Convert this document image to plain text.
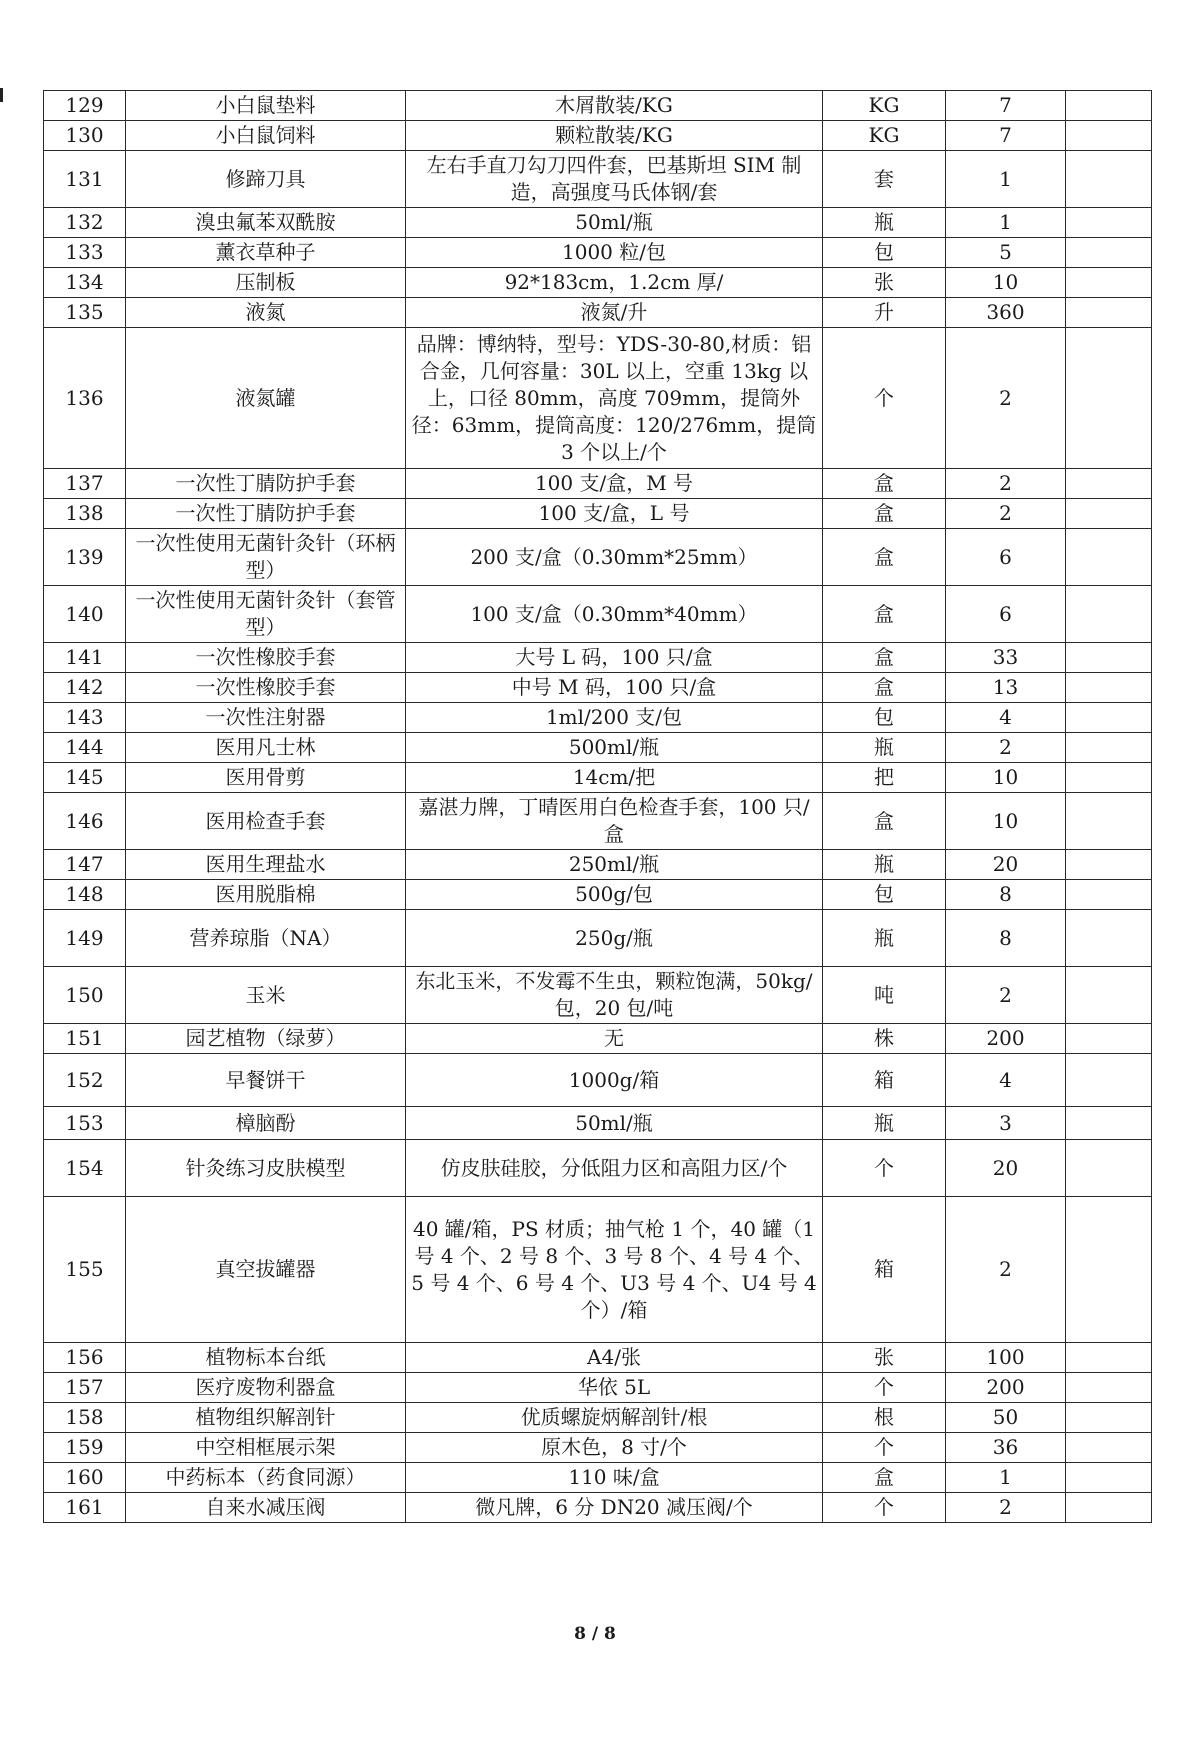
129	小白鼠垫料	木屑散装/KG	KG	7	
130	小白鼠饲料	颗粒散装/KG	KG	7	
131	修蹄刀具	左右手直刀勾刀四件套，巴基斯坦 SIM 制造，高强度马氏体钢/套	套	1	
132	溴虫氟苯双酰胺	50ml/瓶	瓶	1	
133	薰衣草种子	1000 粒/包	包	5	
134	压制板	92*183cm，1.2cm 厚/	张	10	
135	液氮	液氮/升	升	360	
136	液氮罐	品牌：博纳特，型号：YDS-30-80,材质：铝合金，几何容量：30L 以上，空重 13kg 以上，口径 80mm，高度 709mm，提筒外径：63mm，提筒高度：120/276mm，提筒 3 个以上/个	个	2	
137	一次性丁腈防护手套	100 支/盒，M 号	盒	2	
138	一次性丁腈防护手套	100 支/盒，L 号	盒	2	
139	一次性使用无菌针灸针（环柄型）	200 支/盒（0.30mm*25mm）	盒	6	
140	一次性使用无菌针灸针（套管型）	100 支/盒（0.30mm*40mm）	盒	6	
141	一次性橡胶手套	大号 L 码，100 只/盒	盒	33	
142	一次性橡胶手套	中号 M 码，100 只/盒	盒	13	
143	一次性注射器	1ml/200 支/包	包	4	
144	医用凡士林	500ml/瓶	瓶	2	
145	医用骨剪	14cm/把	把	10	
146	医用检查手套	嘉湛力牌，丁晴医用白色检查手套，100 只/盒	盒	10	
147	医用生理盐水	250ml/瓶	瓶	20	
148	医用脱脂棉	500g/包	包	8	
149	营养琼脂（NA）	250g/瓶	瓶	8	
150	玉米	东北玉米，不发霉不生虫，颗粒饱满，50kg/包，20 包/吨	吨	2	
151	园艺植物（绿萝）	无	株	200	
152	早餐饼干	1000g/箱	箱	4	
153	樟脑酚	50ml/瓶	瓶	3	
154	针灸练习皮肤模型	仿皮肤硅胶，分低阻力区和高阻力区/个	个	20	
155	真空拔罐器	40 罐/箱，PS 材质；抽气枪 1 个，40 罐（1 号 4 个、2 号 8 个、3 号 8 个、4 号 4 个、5 号 4 个、6 号 4 个、U3 号 4 个、U4 号 4 个）/箱	箱	2	
156	植物标本台纸	A4/张	张	100	
157	医疗废物利器盒	华依 5L	个	200	
158	植物组织解剖针	优质螺旋炳解剖针/根	根	50	
159	中空相框展示架	原木色，8 寸/个	个	36	
160	中药标本（药食同源）	110 味/盒	盒	1	
161	自来水减压阀	微凡牌，6 分 DN20 减压阀/个	个	2	
8 / 8
